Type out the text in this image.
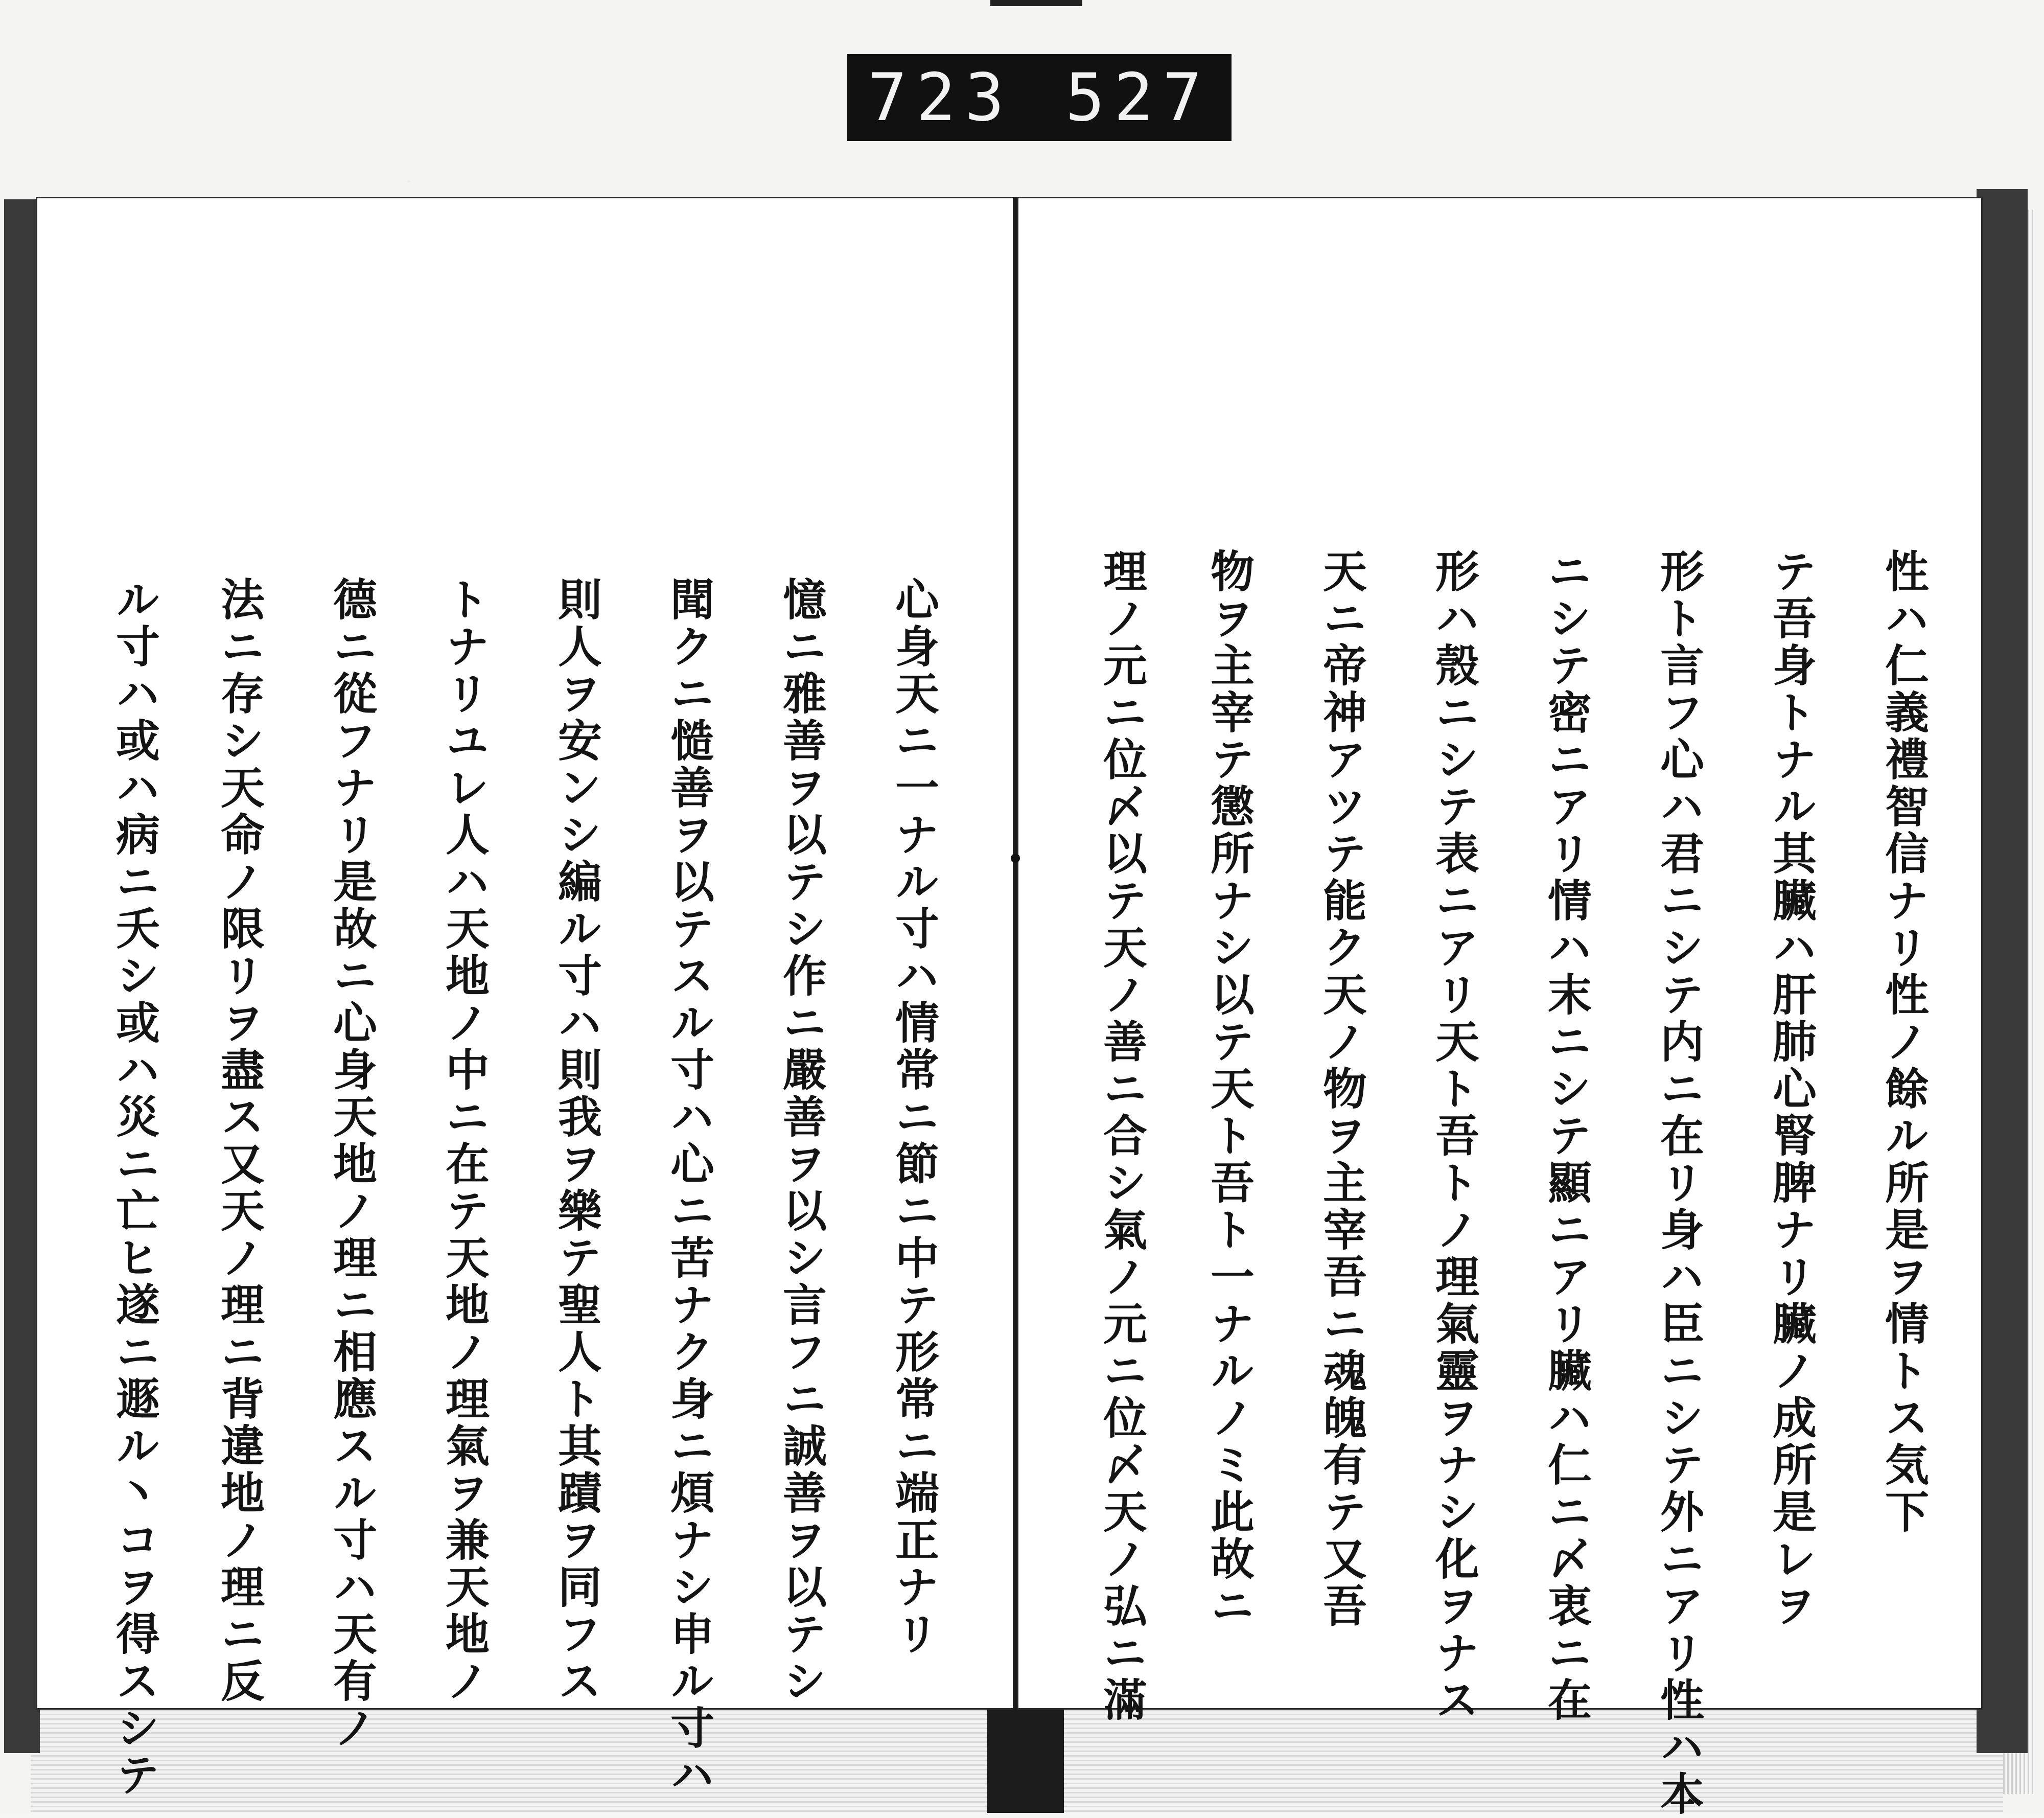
723 527
心身天ニ一ナル寸ハ情常ニ節ニ中テ形常ニ端正ナリ
憶ニ雅善ヲ以テシ作ニ嚴善ヲ以シ言フニ誠善ヲ以テシ
聞クニ慥善ヲ以テスル寸ハ心ニ苦ナク身ニ煩ナシ申ル寸ハ
則人ヲ安ンシ編ル寸ハ則我ヲ樂テ聖人ト其蹟ヲ同フス
トナリユレ人ハ天地ノ中ニ在テ天地ノ理氣ヲ兼天地ノ
德ニ從フナリ是故ニ心身天地ノ理ニ相應スル寸ハ天有ノ
法ニ存シ天命ノ限リヲ盡ス又天ノ理ニ背違地ノ理ニ反
ル寸ハ或ハ病ニ夭シ或ハ災ニ亡ヒ遂ニ遯ル丶コヲ得スシテ	性ハ仁義禮智信ナリ性ノ餘ル所是ヲ情トス気下
テ吾身トナル其臟ハ肝肺心腎脾ナリ臟ノ成所是レヲ
形ト言フ心ハ君ニシテ内ニ在リ身ハ臣ニシテ外ニアリ性ハ本
ニシテ密ニアリ情ハ末ニシテ顯ニアリ臟ハ仁ニ〆衷ニ在
形ハ殼ニシテ表ニアリ天ト吾トノ理氣靈ヲナシ化ヲナス
天ニ帝神アツテ能ク天ノ物ヲ主宰吾ニ魂魄有テ又吾
物ヲ主宰テ懲所ナシ以テ天ト吾ト一ナルノミ此故ニ
理ノ元ニ位〆以テ天ノ善ニ合シ氣ノ元ニ位〆天ノ弘ニ滿
